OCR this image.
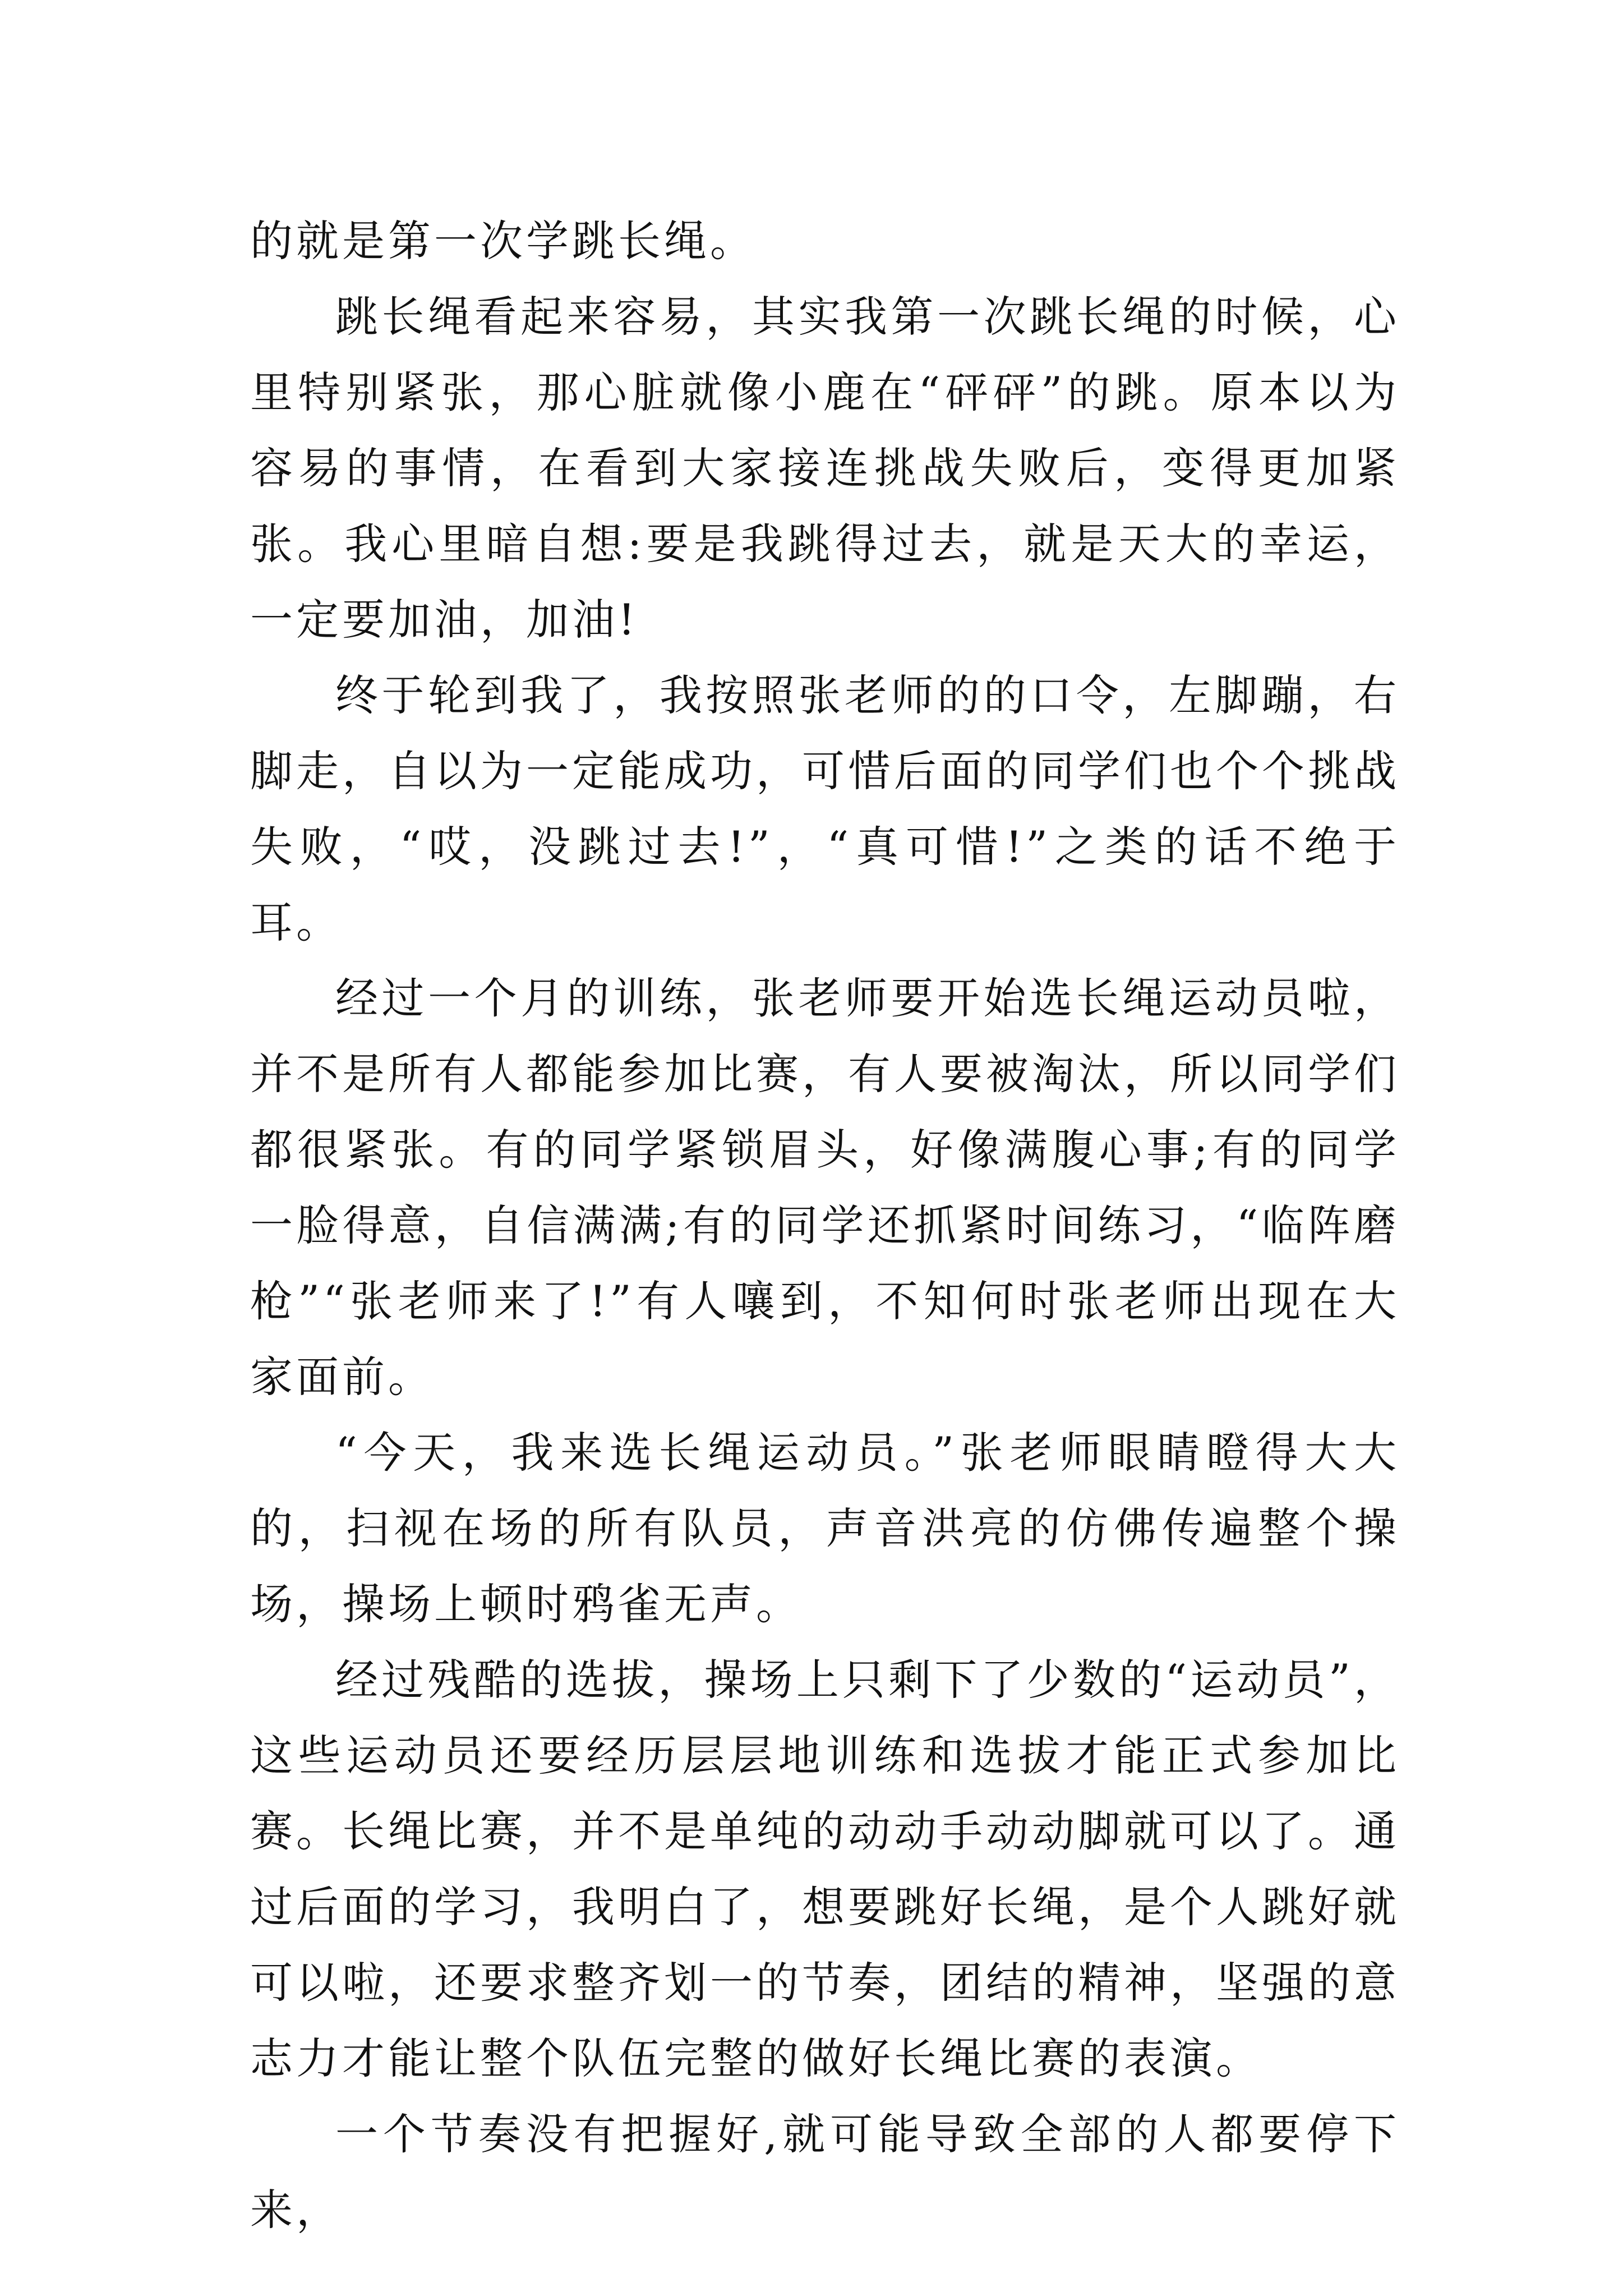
的就是第一次学跳长绳。

跳长绳看起来容易，其实我第一次跳长绳的时候，心里特别紧张，那心脏就像小鹿在“砰砰”的跳。原本以为容易的事情，在看到大家接连挑战失败后，变得更加紧张。我心里暗自想:要是我跳得过去，就是天大的幸运，一定要加油，加油!

终于轮到我了，我按照张老师的的口令，左脚蹦，右脚走，自以为一定能成功，可惜后面的同学们也个个挑战失败，“哎，没跳过去!”，“真可惜!”之类的话不绝于耳。

经过一个月的训练，张老师要开始选长绳运动员啦，并不是所有人都能参加比赛，有人要被淘汰，所以同学们都很紧张。有的同学紧锁眉头，好像满腹心事;有的同学一脸得意，自信满满;有的同学还抓紧时间练习，“临阵磨枪”“张老师来了!”有人嚷到，不知何时张老师出现在大家面前。

“今天，我来选长绳运动员。”张老师眼睛瞪得大大的，扫视在场的所有队员，声音洪亮的仿佛传遍整个操场，操场上顿时鸦雀无声。

经过残酷的选拔，操场上只剩下了少数的“运动员”，这些运动员还要经历层层地训练和选拔才能正式参加比赛。长绳比赛，并不是单纯的动动手动动脚就可以了。通过后面的学习，我明白了，想要跳好长绳，是个人跳好就可以啦，还要求整齐划一的节奏，团结的精神，坚强的意志力才能让整个队伍完整的做好长绳比赛的表演。

一个节奏没有把握好,就可能导致全部的人都要停下来，
